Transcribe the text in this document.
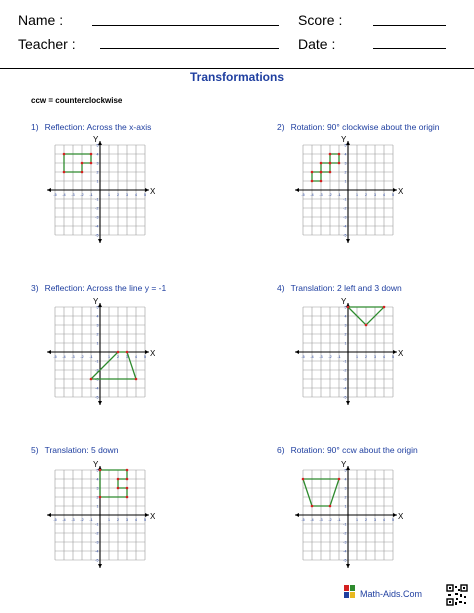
Name :
Teacher :
Score :
Date :
Transformations
ccw = counterclockwise
1) Reflection: Across the x-axis	2) Rotation: 90° clockwise about the origin
3) Reflection: Across the line y = -1	4) Translation: 2 left and 3 down
5) Translation: 5 down	6) Rotation: 90° ccw about the origin
X
Y
-5
-5
-4
-4
-3
-3
-2
-2
-1
-1
1
1
2
2
3
3
4
4
5
5
X
Y
-5
-5
-4
-4
-3
-3
-2
-2
-1
-1
1
1
2
2
3
3
4
4
5
5
X
Y
-5
-5
-4
-4
-3
-3
-2
-2
-1
-1
1
1
2
2
3
3
4
4
5
5
X
Y
-5
-5
-4
-4
-3
-3
-2
-2
-1
-1
1
1
2
2
3
3
4
4
5
5
X
Y
-5
-5
-4
-4
-3
-3
-2
-2
-1
-1
1
1
2
2
3
3
4
4
5
5
X
Y
-5
-5
-4
-4
-3
-3
-2
-2
-1
-1
1
1
2
2
3
3
4
4
5
5
Math-Aids.Com
